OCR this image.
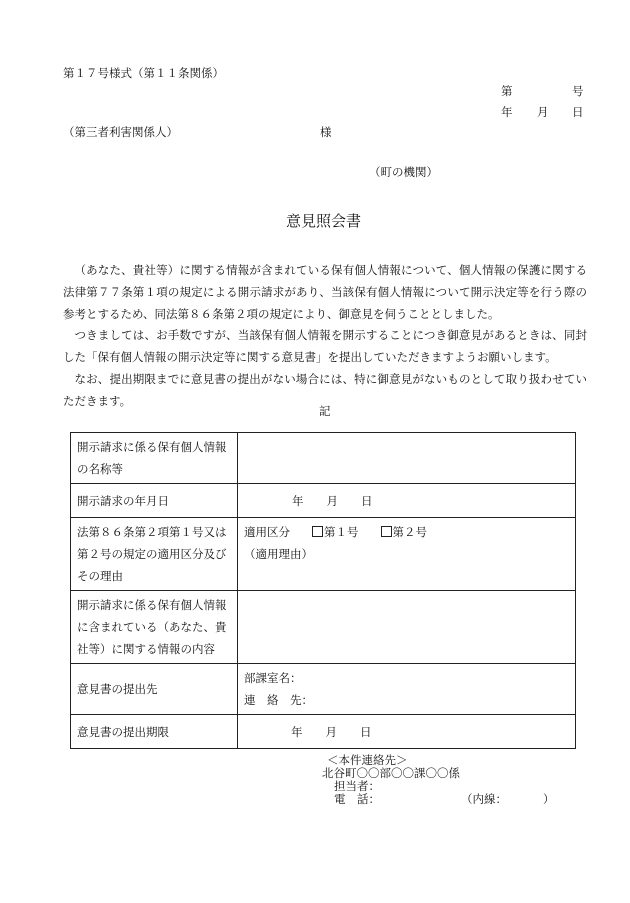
第１７号様式（第１１条関係）
第	号
年 月 日
（第三者利害関係人）	様
（町の機関）
意見照会書

（あなた、貴社等）に関する情報が含まれている保有個人情報について、個人情報の保護に関する法律第７７条第１項の規定による開示請求があり、当該保有個人情報について開示決定等を行う際の参考とするため、同法第８６条第２項の規定により、御意見を伺うこととしました。

つきましては、お手数ですが、当該保有個人情報を開示することにつき御意見があるときは、同封した「保有個人情報の開示決定等に関する意見書」を提出していただきますようお願いします。

なお、提出期限までに意見書の提出がない場合には、特に御意見がないものとして取り扱わせていただきます。

記
開示請求に係る保有個人情報の名称等	
開示請求の年月日	年 月 日
法第８６条第２項第１号又は第２号の規定の適用区分及びその理由	適用区分 第１号 第２号
（適用理由）

開示請求に係る保有個人情報に含まれている（あなた、貴社等）に関する情報の内容	
意見書の提出先	部課室名：
連　絡　先：

意見書の提出期限	年 月 日
＜本件連絡先＞
北谷町〇〇部〇〇課〇〇係
担当者：
電　話：	（内線：	）
